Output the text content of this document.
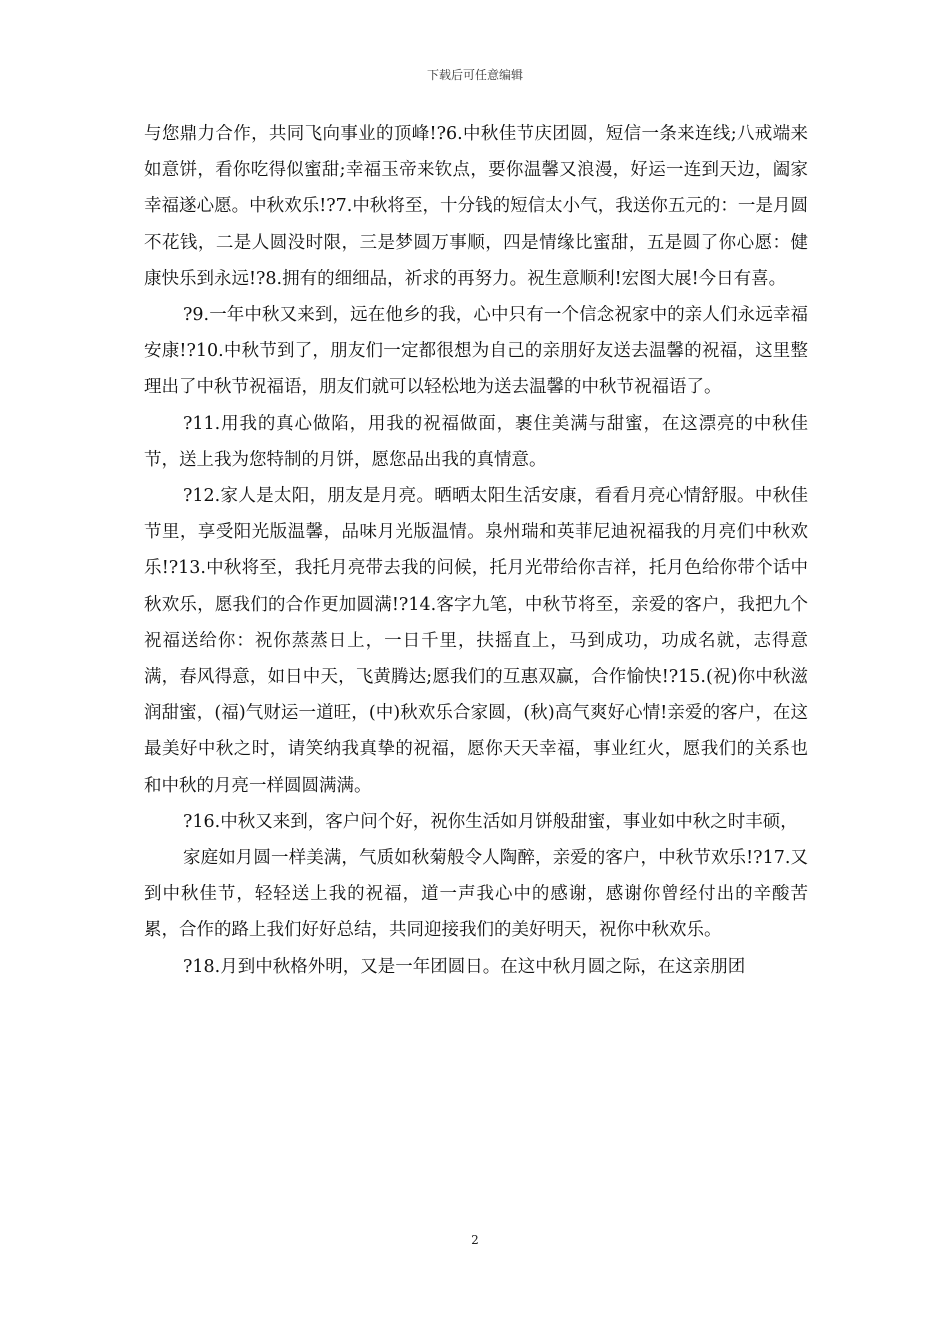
下载后可任意编辑

与您鼎力合作，共同飞向事业的顶峰!?6.中秋佳节庆团圆，短信一条来连线;八戒端来如意饼，看你吃得似蜜甜;幸福玉帝来钦点，要你温馨又浪漫，好运一连到天边，阖家幸福遂心愿。中秋欢乐!?7.中秋将至，十分钱的短信太小气，我送你五元的：一是月圆不花钱，二是人圆没时限，三是梦圆万事顺，四是情缘比蜜甜，五是圆了你心愿：健康快乐到永远!?8.拥有的细细品，祈求的再努力。祝生意顺利!宏图大展!今日有喜。

?9.一年中秋又来到，远在他乡的我，心中只有一个信念祝家中的亲人们永远幸福安康!?10.中秋节到了，朋友们一定都很想为自己的亲朋好友送去温馨的祝福，这里整理出了中秋节祝福语，朋友们就可以轻松地为送去温馨的中秋节祝福语了。

?11.用我的真心做陷，用我的祝福做面，裹住美满与甜蜜，在这漂亮的中秋佳节，送上我为您特制的月饼，愿您品出我的真情意。

?12.家人是太阳，朋友是月亮。晒晒太阳生活安康，看看月亮心情舒服。中秋佳节里，享受阳光版温馨，品味月光版温情。泉州瑞和英菲尼迪祝福我的月亮们中秋欢乐!?13.中秋将至，我托月亮带去我的问候，托月光带给你吉祥，托月色给你带个话中秋欢乐，愿我们的合作更加圆满!?14.客字九笔，中秋节将至，亲爱的客户，我把九个祝福送给你：祝你蒸蒸日上，一日千里，扶摇直上，马到成功，功成名就，志得意满，春风得意，如日中天，飞黄腾达;愿我们的互惠双赢，合作愉快!?15.(祝)你中秋滋润甜蜜，(福)气财运一道旺，(中)秋欢乐合家圆，(秋)高气爽好心情!亲爱的客户，在这最美好中秋之时，请笑纳我真挚的祝福，愿你天天幸福，事业红火，愿我们的关系也和中秋的月亮一样圆圆满满。

?16.中秋又来到，客户问个好，祝你生活如月饼般甜蜜，事业如中秋之时丰硕，

家庭如月圆一样美满，气质如秋菊般令人陶醉，亲爱的客户，中秋节欢乐!?17.又到中秋佳节，轻轻送上我的祝福，道一声我心中的感谢，感谢你曾经付出的辛酸苦累，合作的路上我们好好总结，共同迎接我们的美好明天，祝你中秋欢乐。

?18.月到中秋格外明，又是一年团圆日。在这中秋月圆之际，在这亲朋团

2
